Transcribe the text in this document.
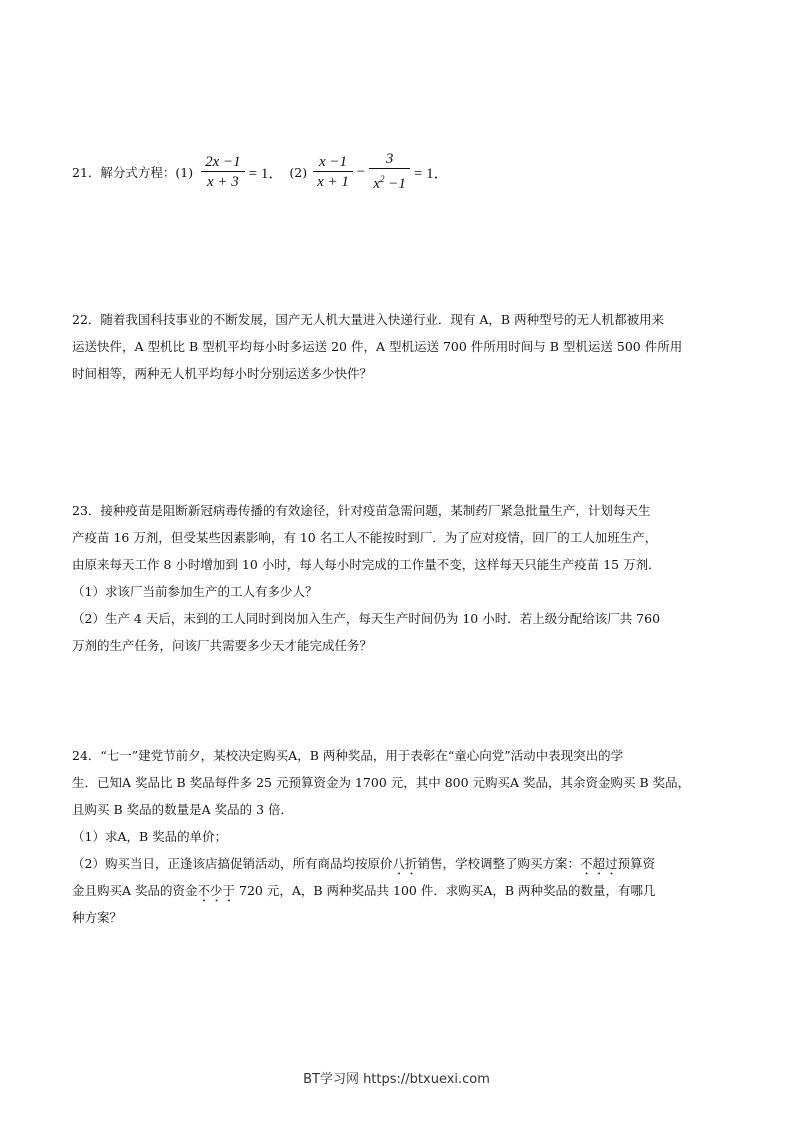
21．解分式方程：$(1) \frac{2x -1}{x + 3} = 1$． $(2) \frac{x -1}{x + 1} - \frac{3}{x^2 -1} = 1$．
22．随着我国科技事业的不断发展，国产无人机大量进入快递行业．现有 A，B 两种型号的无人机都被用来
运送快件，A 型机比 B 型机平均每小时多运送 20 件，A 型机运送 700 件所用时间与 B 型机运送 500 件所用
时间相等，两种无人机平均每小时分别运送多少快件？
23．接种疫苗是阻断新冠病毒传播的有效途径，针对疫苗急需问题，某制药厂紧急批量生产，计划每天生
产疫苗 16 万剂，但受某些因素影响，有 10 名工人不能按时到厂．为了应对疫情，回厂的工人加班生产，
由原来每天工作 8 小时增加到 10 小时，每人每小时完成的工作量不变，这样每天只能生产疫苗 15 万剂．
（1）求该厂当前参加生产的工人有多少人？
（2）生产 4 天后，未到的工人同时到岗加入生产，每天生产时间仍为 10 小时．若上级分配给该厂共 760
万剂的生产任务，问该厂共需要多少天才能完成任务？
24．“七一”建党节前夕，某校决定购买A，B 两种奖品，用于表彰在“童心向党”活动中表现突出的学
生．已知A 奖品比 B 奖品每件多 25 元预算资金为 1700 元，其中 800 元购买A 奖品，其余资金购买 B 奖品，
且购买 B 奖品的数量是A 奖品的 3 倍．
（1）求A，B 奖品的单价；
（2）购买当日，正逢该店搞促销活动，所有商品均按原价八折销售，学校调整了购买方案：不超过预算资
金且购买A 奖品的资金不少于 720 元，A，B 两种奖品共 100 件．求购买A，B 两种奖品的数量，有哪几
种方案？
BT学习网 https://btxuexi.com
